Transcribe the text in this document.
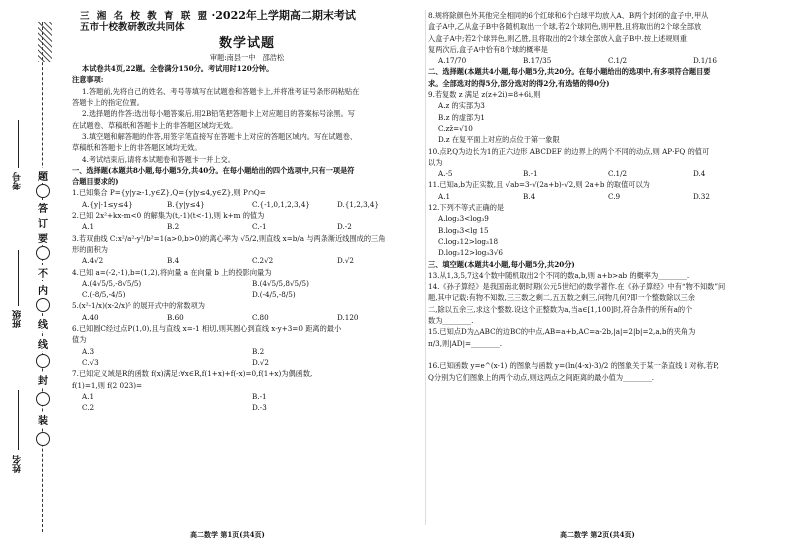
考号
班级
姓名
题
答
订
要
不
内
线
线
封
装

三 湘 名 校 教 育 联 盟 ·2022年上学期高二期末考试

五市十校教研教改共同体

数学试题

审题:南县一中　邵浩松

本试卷共4页,22题。全卷满分150分。考试用时120分钟。

注意事项:

1.答题前,先将自己的姓名、考号等填写在试题卷和答题卡上,并将准考证号条形码粘贴在

答题卡上的指定位置。

2.选择题的作答:选出每小题答案后,用2B铅笔把答题卡上对应题目的答案标号涂黑。写

在试题卷、草稿纸和答题卡上的非答题区域均无效。

3.填空题和解答题的作答,用签字笔直接写在答题卡上对应的答题区域内。写在试题卷、

草稿纸和答题卡上的非答题区域均无效。

4.考试结束后,请将本试题卷和答题卡一并上交。

一、选择题(本题共8小题,每小题5分,共40分。在每小题给出的四个选项中,只有一项是符

合题目要求的)

1.已知集合 P={y|y≥-1,y∈Z},Q={y|y≤4,y∈Z},则 P∩Q=

A.{y|-1≤y≤4}	B.{y|y≤4}	C.{-1,0,1,2,3,4}	D.{1,2,3,4}

2.已知 2x²+kx-m<0 的解集为(t,-1)(t<-1),则 k+m 的值为

A.1	B.2	C.-1	D.-2

3.若双曲线 C:x²/a²-y²/b²=1(a>0,b>0)的离心率为 √5/2,则直线 x=b/a 与两条渐近线围成的三角

形的面积为

A.4√2	B.4	C.2√2	D.√2

4.已知 a=(-2,-1),b=(1,2),将向量 a 在向量 b 上的投影向量为

A.(4√5/5,-8√5/5)	B.(4√5/5,8√5/5)

C.(-8/5,-4/5)	D.(-4/5,-8/5)

5.(x²-1/x)(x-2/x)⁵ 的展开式中的常数项为

A.40	B.60	C.80	D.120

6.已知圆C经过点P(1,0),且与直线 x=-1 相切,则其圆心到直线 x-y+3=0 距离的最小

值为

A.3	B.2

C.√3	D.√2

7.已知定义域是R的函数 f(x)满足:∀x∈R,f(1+x)+f(-x)=0,f(1+x)为偶函数,

f(1)=1,则 f(2 023)=

A.1	B.-1

C.2	D.-3

8.规将除颜色外其他完全相同的6个红球和6个白球平均放入A、B两个封闭的盒子中,甲从

盒子A中,乙从盒子B中各随机取出一个球,若2个球同色,则甲胜,且将取出的2个球全部放

入盒子A中;若2个球异色,则乙胜,且将取出的2个球全部放入盒子B中.按上述规则重

复两次后,盒子A中恰有8个球的概率是

A.17/70	B.17/35	C.1/2	D.1/16

二、选择题(本题共4小题,每小题5分,共20分。在每小题给出的选项中,有多项符合题目要

求。全部选对的得5分,部分选对的得2分,有选错的得0分)

9.若复数 z 满足 z(z+2i)=8+6i,则

A.z 的实部为3

B.z 的虚部为1

C.zz̄=√10

D.z 在复平面上对应的点位于第一象限

10.点P,Q为边长为1的正六边形 ABCDEF 的边界上的两个不同的动点,则 AP·FQ 的值可

以为

A.-5	B.-1	C.1/2	D.4

11.已知a,b为正实数,且 √ab=3-√(2a+b)-√2,则 2a+b 的取值可以为

A.1	B.4	C.9	D.32

12.下列不等式正确的是

A.log₂3<log₃9

B.log₅3<lg 15

C.log₂12>log₃18

D.log₂12>log₃3√6

三、填空题(本题共4小题,每小题5分,共20分)

13.从1,3,5,7这4个数中随机取出2个不同的数a,b,则 a+b>ab 的概率为________.

14.《孙子算经》是我国南北朝时期(公元5世纪)的数学著作.在《孙子算经》中有“物不知数”问

题,其中记载:有物不知数,三三数之剩二,五五数之剩三,问物几何?即一个整数除以三余

二,除以五余三,求这个整数.设这个正整数为a,当a∈[1,100]时,符合条件的所有a的个

数为________.

15.已知点D为△ABC的边BC的中点,AB=a+b,AC=a-2b,|a|=2|b|=2,a,b的夹角为

π/3,则|AD|=________.

16.已知函数 y=e^(x-1) 的图象与函数 y=(ln(4-x)-3)/2 的图象关于某一条直线 l 对称,若P,

Q分别为它们图象上的两个动点,则这两点之间距离的最小值为________.

高二数学 第1页(共4页)	高二数学 第2页(共4页)
